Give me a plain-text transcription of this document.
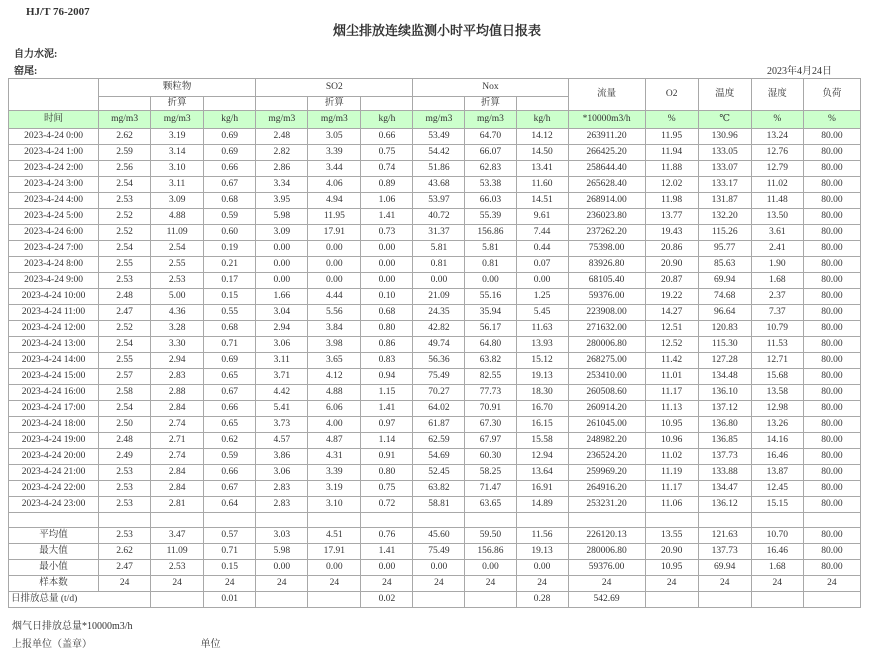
HJ/T 76-2007
烟尘排放连续监测小时平均值日报表
自力水泥:
窑尾:	2023年4月24日
	颗粒物			SO2			Nox			流量	O2	温度	湿度	负荷
		折算			折算			折算						
时间	mg/m3	mg/m3	kg/h	mg/m3	mg/m3	kg/h	mg/m3	mg/m3	kg/h	*10000m3/h	%	℃	%	%
2023-4-24 0:00	2.62	3.19	0.69	2.48	3.05	0.66	53.49	64.70	14.12	263911.20	11.95	130.96	13.24	80.00
2023-4-24 1:00	2.59	3.14	0.69	2.82	3.39	0.75	54.42	66.07	14.50	266425.20	11.94	133.05	12.76	80.00
2023-4-24 2:00	2.56	3.10	0.66	2.86	3.44	0.74	51.86	62.83	13.41	258644.40	11.88	133.07	12.79	80.00
2023-4-24 3:00	2.54	3.11	0.67	3.34	4.06	0.89	43.68	53.38	11.60	265628.40	12.02	133.17	11.02	80.00
2023-4-24 4:00	2.53	3.09	0.68	3.95	4.94	1.06	53.97	66.03	14.51	268914.00	11.98	131.87	11.48	80.00
2023-4-24 5:00	2.52	4.88	0.59	5.98	11.95	1.41	40.72	55.39	9.61	236023.80	13.77	132.20	13.50	80.00
2023-4-24 6:00	2.52	11.09	0.60	3.09	17.91	0.73	31.37	156.86	7.44	237262.20	19.43	115.26	3.61	80.00
2023-4-24 7:00	2.54	2.54	0.19	0.00	0.00	0.00	5.81	5.81	0.44	75398.00	20.86	95.77	2.41	80.00
2023-4-24 8:00	2.55	2.55	0.21	0.00	0.00	0.00	0.81	0.81	0.07	83926.80	20.90	85.63	1.90	80.00
2023-4-24 9:00	2.53	2.53	0.17	0.00	0.00	0.00	0.00	0.00	0.00	68105.40	20.87	69.94	1.68	80.00
2023-4-24 10:00	2.48	5.00	0.15	1.66	4.44	0.10	21.09	55.16	1.25	59376.00	19.22	74.68	2.37	80.00
2023-4-24 11:00	2.47	4.36	0.55	3.04	5.56	0.68	24.35	35.94	5.45	223908.00	14.27	96.64	7.37	80.00
2023-4-24 12:00	2.52	3.28	0.68	2.94	3.84	0.80	42.82	56.17	11.63	271632.00	12.51	120.83	10.79	80.00
2023-4-24 13:00	2.54	3.30	0.71	3.06	3.98	0.86	49.74	64.80	13.93	280006.80	12.52	115.30	11.53	80.00
2023-4-24 14:00	2.55	2.94	0.69	3.11	3.65	0.83	56.36	63.82	15.12	268275.00	11.42	127.28	12.71	80.00
2023-4-24 15:00	2.57	2.83	0.65	3.71	4.12	0.94	75.49	82.55	19.13	253410.00	11.01	134.48	15.68	80.00
2023-4-24 16:00	2.58	2.88	0.67	4.42	4.88	1.15	70.27	77.73	18.30	260508.60	11.17	136.10	13.58	80.00
2023-4-24 17:00	2.54	2.84	0.66	5.41	6.06	1.41	64.02	70.91	16.70	260914.20	11.13	137.12	12.98	80.00
2023-4-24 18:00	2.50	2.74	0.65	3.73	4.00	0.97	61.87	67.30	16.15	261045.00	10.95	136.80	13.26	80.00
2023-4-24 19:00	2.48	2.71	0.62	4.57	4.87	1.14	62.59	67.97	15.58	248982.20	10.96	136.85	14.16	80.00
2023-4-24 20:00	2.49	2.74	0.59	3.86	4.31	0.91	54.69	60.30	12.94	236524.20	11.02	137.73	16.46	80.00
2023-4-24 21:00	2.53	2.84	0.66	3.06	3.39	0.80	52.45	58.25	13.64	259969.20	11.19	133.88	13.87	80.00
2023-4-24 22:00	2.53	2.84	0.67	2.83	3.19	0.75	63.82	71.47	16.91	264916.20	11.17	134.47	12.45	80.00
2023-4-24 23:00	2.53	2.81	0.64	2.83	3.10	0.72	58.81	63.65	14.89	253231.20	11.06	136.12	15.15	80.00

平均值	2.53	3.47	0.57	3.03	4.51	0.76	45.60	59.50	11.56	226120.13	13.55	121.63	10.70	80.00
最大值	2.62	11.09	0.71	5.98	17.91	1.41	75.49	156.86	19.13	280006.80	20.90	137.73	16.46	80.00
最小值	2.47	2.53	0.15	0.00	0.00	0.00	0.00	0.00	0.00	59376.00	10.95	69.94	1.68	80.00
样本数	24	24	24	24	24	24	24	24	24	24	24	24	24	24
日排放总量 (t/d)			0.01			0.02			0.28	542.69				
烟气日排放总量*10000m3/h
上报单位（盖章）	单位
